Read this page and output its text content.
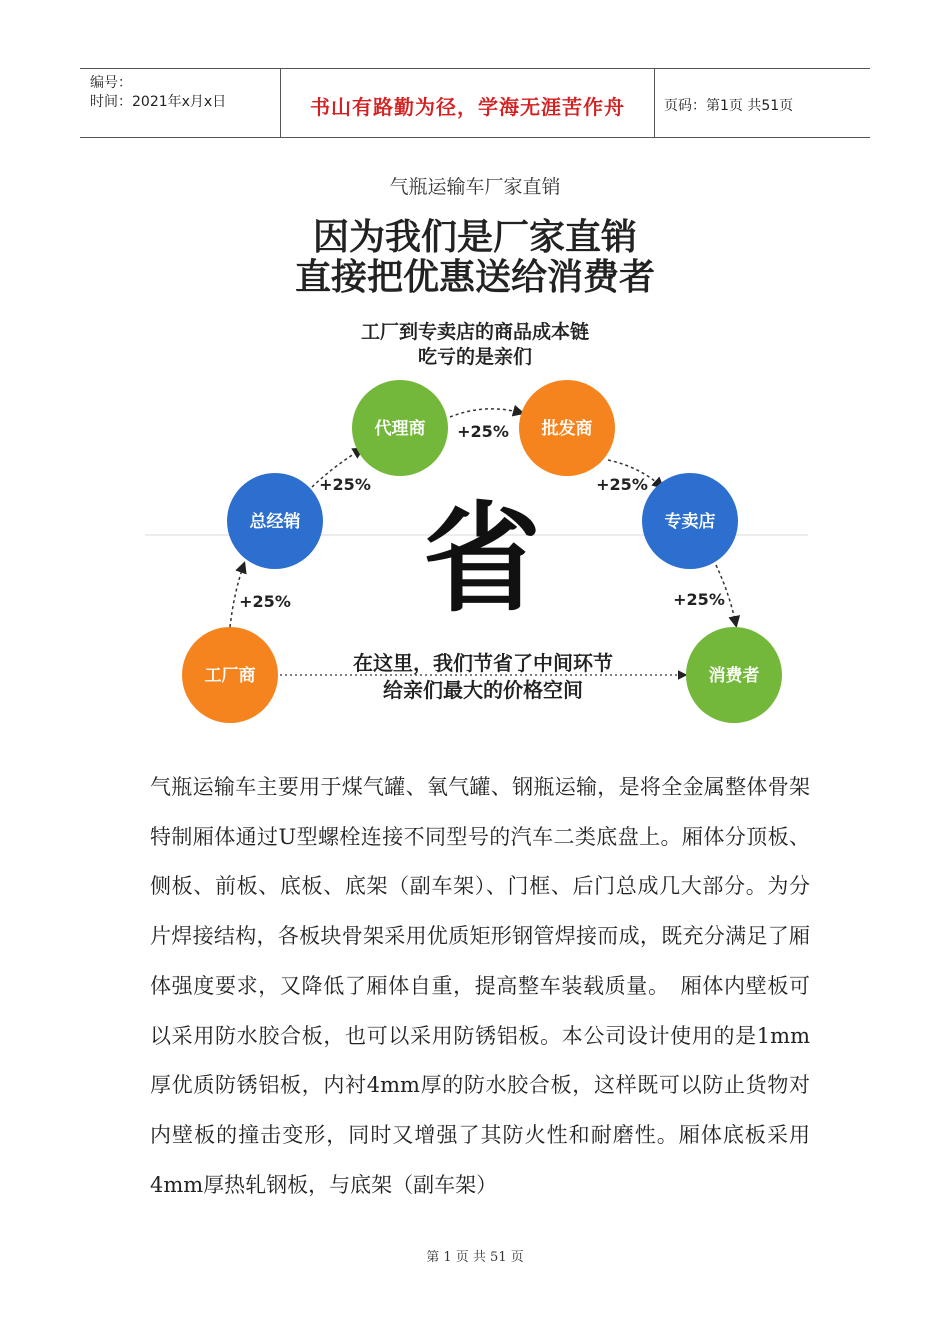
编号：
时间：2021年x月x日	书山有路勤为径，学海无涯苦作舟	页码：第1页 共51页
气瓶运输车厂家直销
因为我们是厂家直销
直接把优惠送给消费者
工厂到专卖店的商品成本链
吃亏的是亲们
工厂商
总经销
代理商	批发商
专卖店
消费者
+25%
+25%
+25%
+25%
+25%
省
在这里，我们节省了中间环节
给亲们最大的价格空间
气瓶运输车主要用于煤气罐、氧气罐、钢瓶运输，是将全金属整体骨架特制厢体通过U型螺栓连接不同型号的汽车二类底盘上。厢体分顶板、侧板、前板、底板、底架（副车架）、门框、后门总成几大部分。为分片焊接结构，各板块骨架采用优质矩形钢管焊接而成，既充分满足了厢体强度要求，又降低了厢体自重，提高整车装载质量。　厢体内壁板可以采用防水胶合板，也可以采用防锈铝板。本公司设计使用的是1mm厚优质防锈铝板，内衬4mm厚的防水胶合板，这样既可以防止货物对内壁板的撞击变形，同时又增强了其防火性和耐磨性。厢体底板采用4mm厚热轧钢板，与底架（副车架）
第 1 页 共 51 页
